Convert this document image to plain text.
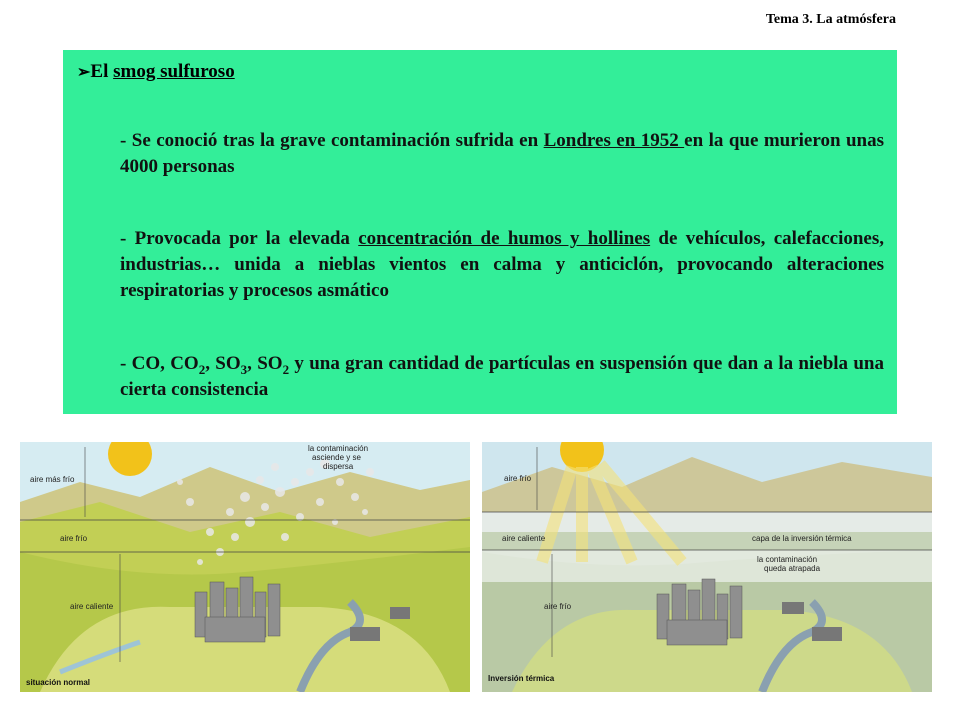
Tema 3. La atmósfera
➢El smog sulfuroso
- Se conoció tras la grave contaminación sufrida en Londres en 1952 en la que murieron unas 4000 personas
- Provocada por la elevada concentración de humos y hollines de vehículos, calefacciones, industrias… unida a nieblas vientos en calma y anticiclón, provocando alteraciones respiratorias y procesos asmático
- CO, $CO_2$, $SO_3$, $SO_2$ y una gran cantidad de partículas en suspensión que dan a la niebla una cierta consistencia
aire más frío
aire frío
aire caliente
la contaminación
asciende y se
dispersa
situación normal
aire frío
aire caliente	capa de la inversión térmica
la contaminación
queda atrapada
aire frío
Inversión térmica
